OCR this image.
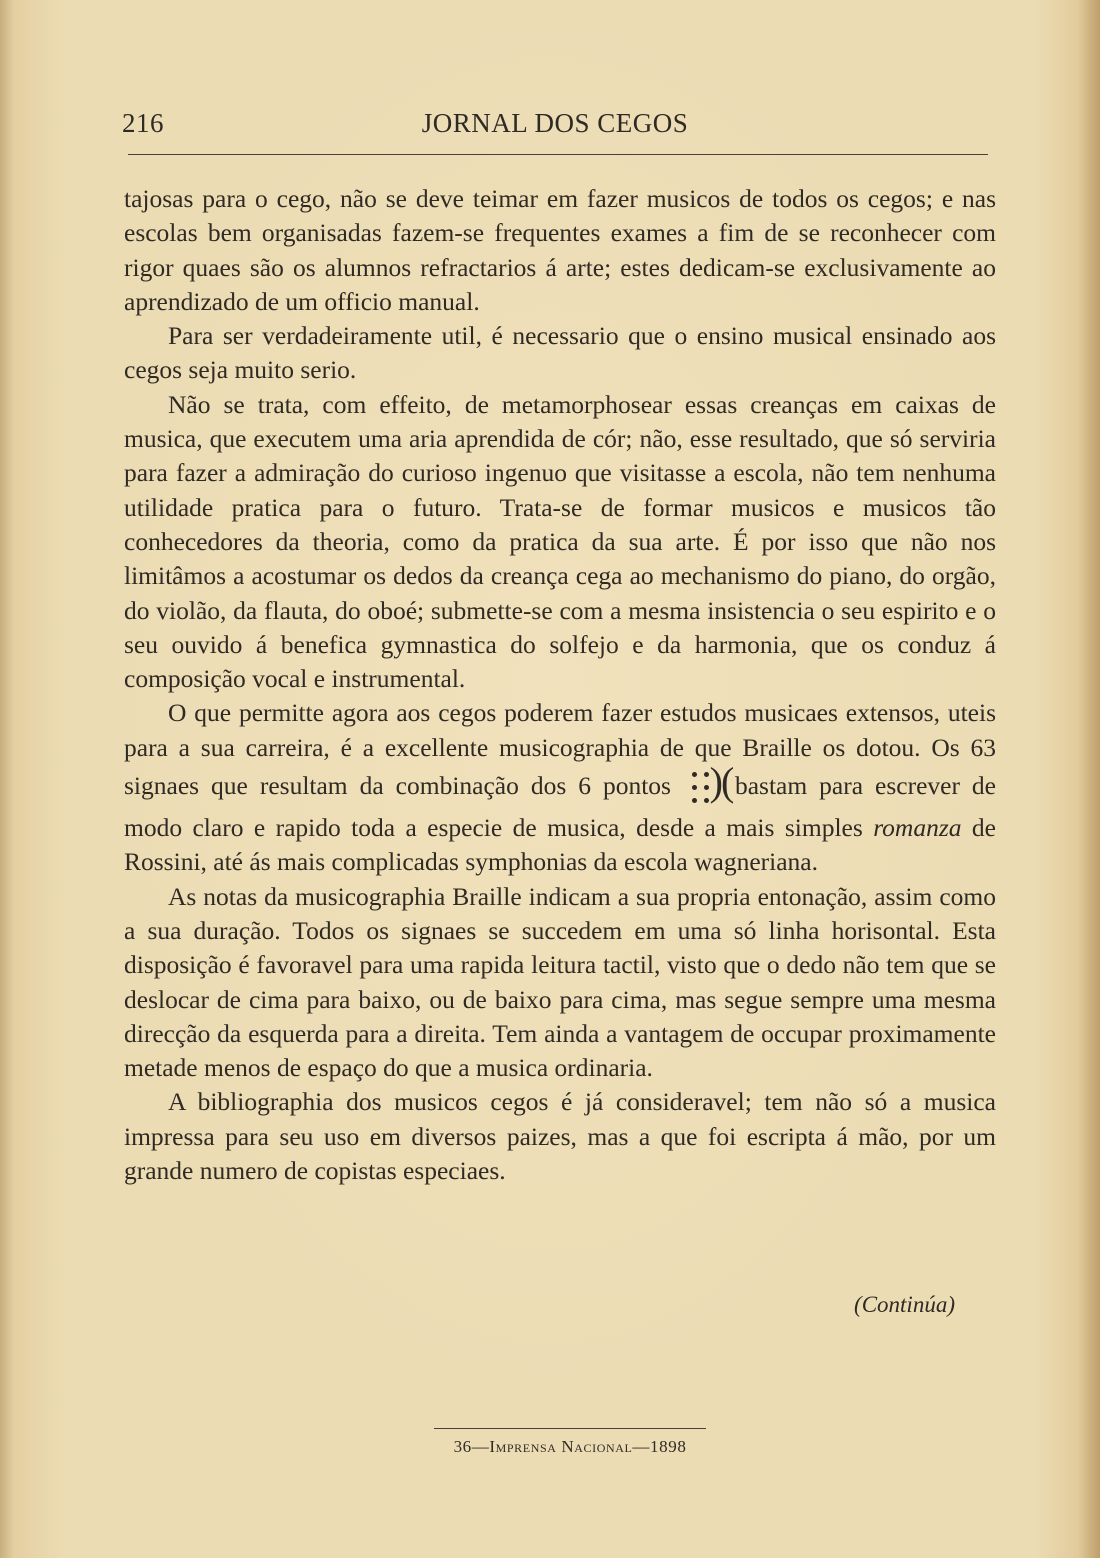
216	JORNAL DOS CEGOS

tajosas para o cego, não se deve teimar em fazer musicos de todos os cegos; e nas escolas bem organisadas fazem-se frequentes exames a fim de se reconhecer com rigor quaes são os alumnos refractarios á arte; estes dedicam-se exclusivamente ao aprendizado de um officio manual.

Para ser verdadeiramente util, é necessario que o ensino musical ensinado aos cegos seja muito serio.

Não se trata, com effeito, de metamorphosear essas creanças em caixas de musica, que executem uma aria aprendida de cór; não, esse resultado, que só serviria para fazer a admiração do curioso ingenuo que visitasse a escola, não tem nenhuma utilidade pratica para o futuro. Trata-se de formar musicos e musicos tão conhecedores da theoria, como da pratica da sua arte. É por isso que não nos limitâmos a acostumar os dedos da creança cega ao mechanismo do piano, do orgão, do violão, da flauta, do oboé; submette-se com a mesma insistencia o seu espirito e o seu ouvido á benefica gymnastica do solfejo e da harmonia, que os conduz á composição vocal e instrumental.

O que permitte agora aos cegos poderem fazer estudos musicaes extensos, uteis para a sua carreira, é a excellente musicographia de que Braille os dotou. Os 63 signaes que resultam da combinação dos 6 pontos	(
) bastam para escrever de modo claro e rapido toda a especie de musica, desde a mais simples romanza de Rossini, até ás mais complicadas symphonias da escola wagneriana.

As notas da musicographia Braille indicam a sua propria entonação, assim como a sua duração. Todos os signaes se succedem em uma só linha horisontal. Esta disposição é favoravel para uma rapida leitura tactil, visto que o dedo não tem que se deslocar de cima para baixo, ou de baixo para cima, mas segue sempre uma mesma direcção da esquerda para a direita. Tem ainda a vantagem de occupar proximamente metade menos de espaço do que a musica ordinaria.

A bibliographia dos musicos cegos é já consideravel; tem não só a musica impressa para seu uso em diversos paizes, mas a que foi escripta á mão, por um grande numero de copistas especiaes.

(Continúa)
36—Imprensa Nacional—1898
